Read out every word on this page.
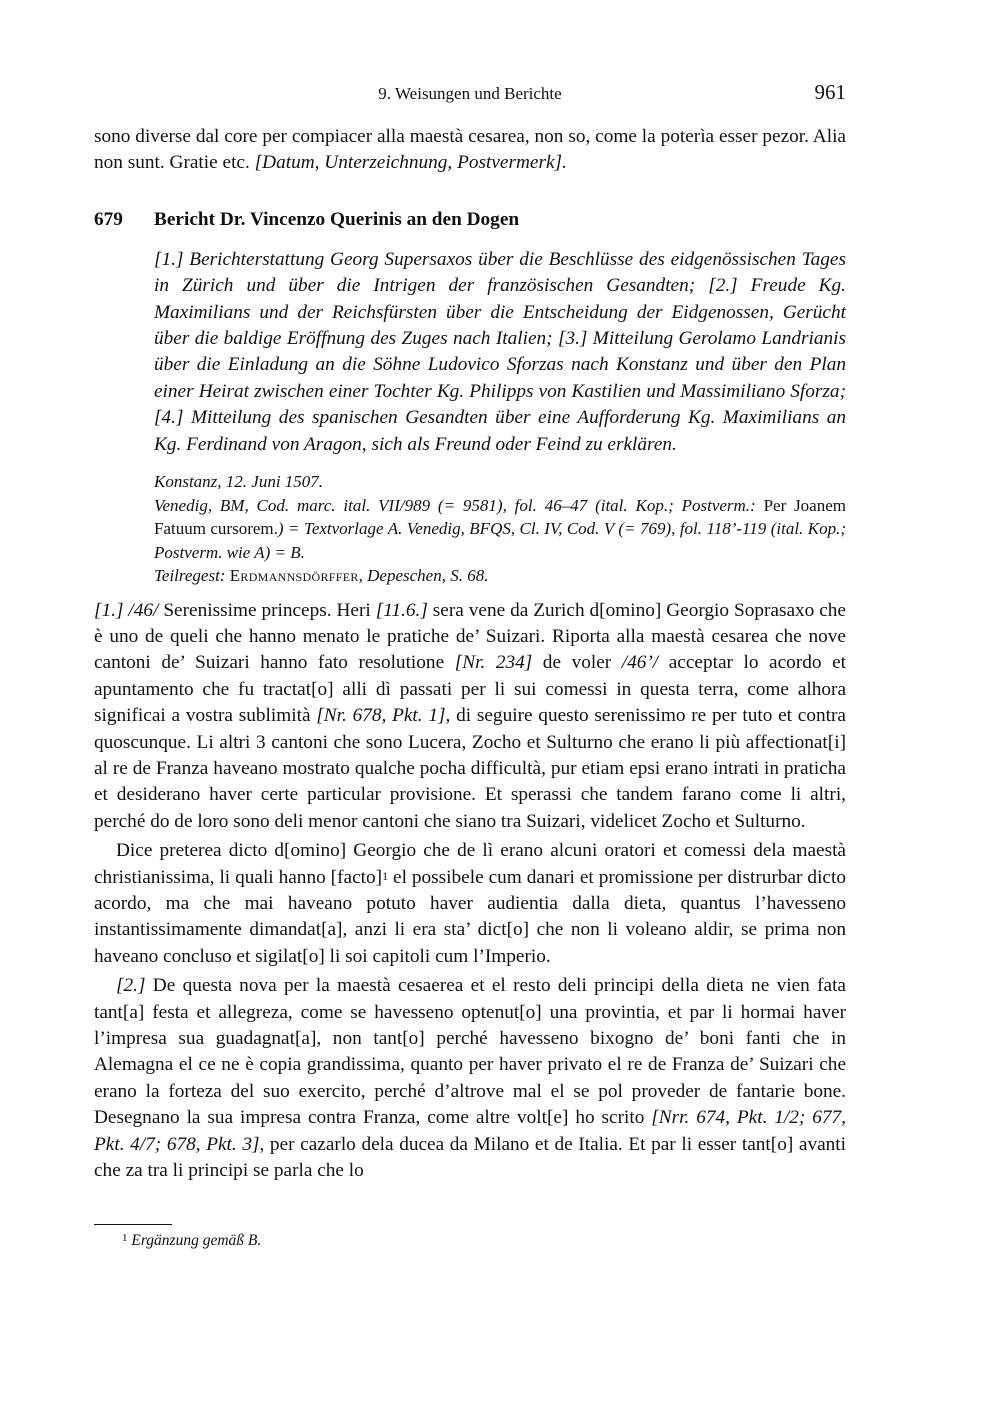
9. Weisungen und Berichte	961

sono diverse dal core per compiacer alla maestà cesarea, non so, come la poterìa esser pezor. Alia non sunt. Gratie etc. [Datum, Unterzeichnung, Postvermerk].

679 Bericht Dr. Vincenzo Querinis an den Dogen
[1.] Berichterstattung Georg Supersaxos über die Beschlüsse des eidgenössischen Tages in Zürich und über die Intrigen der französischen Gesandten; [2.] Freude Kg. Maximilians und der Reichsfürsten über die Entscheidung der Eidgenossen, Gerücht über die baldige Eröffnung des Zuges nach Italien; [3.] Mitteilung Gerolamo Landrianis über die Einladung an die Söhne Ludovico Sforzas nach Konstanz und über den Plan einer Heirat zwischen einer Tochter Kg. Philipps von Kastilien und Massimiliano Sforza; [4.] Mitteilung des spanischen Gesandten über eine Aufforderung Kg. Maximilians an Kg. Ferdinand von Aragon, sich als Freund oder Feind zu erklären.
Konstanz, 12. Juni 1507.
Venedig, BM, Cod. marc. ital. VII/989 (= 9581), fol. 46–47 (ital. Kop.; Postverm.: Per Joanem Fatuum cursorem.) = Textvorlage A. Venedig, BFQS, Cl. IV, Cod. V (= 769), fol. 118’-119 (ital. Kop.; Postverm. wie A) = B.
Teilregest: Erdmannsdörffer, Depeschen, S. 68.

[1.] /46/ Serenissime princeps. Heri [11.6.] sera vene da Zurich d[omino] Georgio Soprasaxo che è uno de queli che hanno menato le pratiche de’ Suizari. Riporta alla maestà cesarea che nove cantoni de’ Suizari hanno fato resolutione [Nr. 234] de voler /46’/ acceptar lo acordo et apuntamento che fu tractat[o] alli dì passati per li sui comessi in questa terra, come alhora significai a vostra sublimità [Nr. 678, Pkt. 1], di seguire questo serenissimo re per tuto et contra quoscunque. Li altri 3 cantoni che sono Lucera, Zocho et Sulturno che erano li più affectionat[i] al re de Franza haveano mostrato qualche pocha difficultà, pur etiam epsi erano intrati in praticha et desiderano haver certe particular provisione. Et sperassi che tandem farano come li altri, perché do de loro sono deli menor cantoni che siano tra Suizari, videlicet Zocho et Sulturno.

Dice preterea dicto d[omino] Georgio che de lì erano alcuni oratori et comessi dela maestà christianissima, li quali hanno [facto]$^1$ el possibele cum danari et promissione per distrurbar dicto acordo, ma che mai haveano potuto haver audientia dalla dieta, quantus l’havesseno instantissimamente dimandat[a], anzi li era sta’ dict[o] che non li voleano aldir, se prima non haveano concluso et sigilat[o] li soi capitoli cum l’Imperio.

[2.] De questa nova per la maestà cesaerea et el resto deli principi della dieta ne vien fata tant[a] festa et allegreza, come se havesseno optenut[o] una provintia, et par li hormai haver l’impresa sua guadagnat[a], non tant[o] perché havesseno bixogno de’ boni fanti che in Alemagna el ce ne è copia grandissima, quanto per haver privato el re de Franza de’ Suizari che erano la forteza del suo exercito, perché d’altrove mal el se pol proveder de fantarie bone. Desegnano la sua impresa contra Franza, come altre volt[e] ho scrito [Nrr. 674, Pkt. 1/2; 677, Pkt. 4/7; 678, Pkt. 3], per cazarlo dela ducea da Milano et de Italia. Et par li esser tant[o] avanti che za tra li principi se parla che lo

$^1$ Ergänzung gemäß B.
